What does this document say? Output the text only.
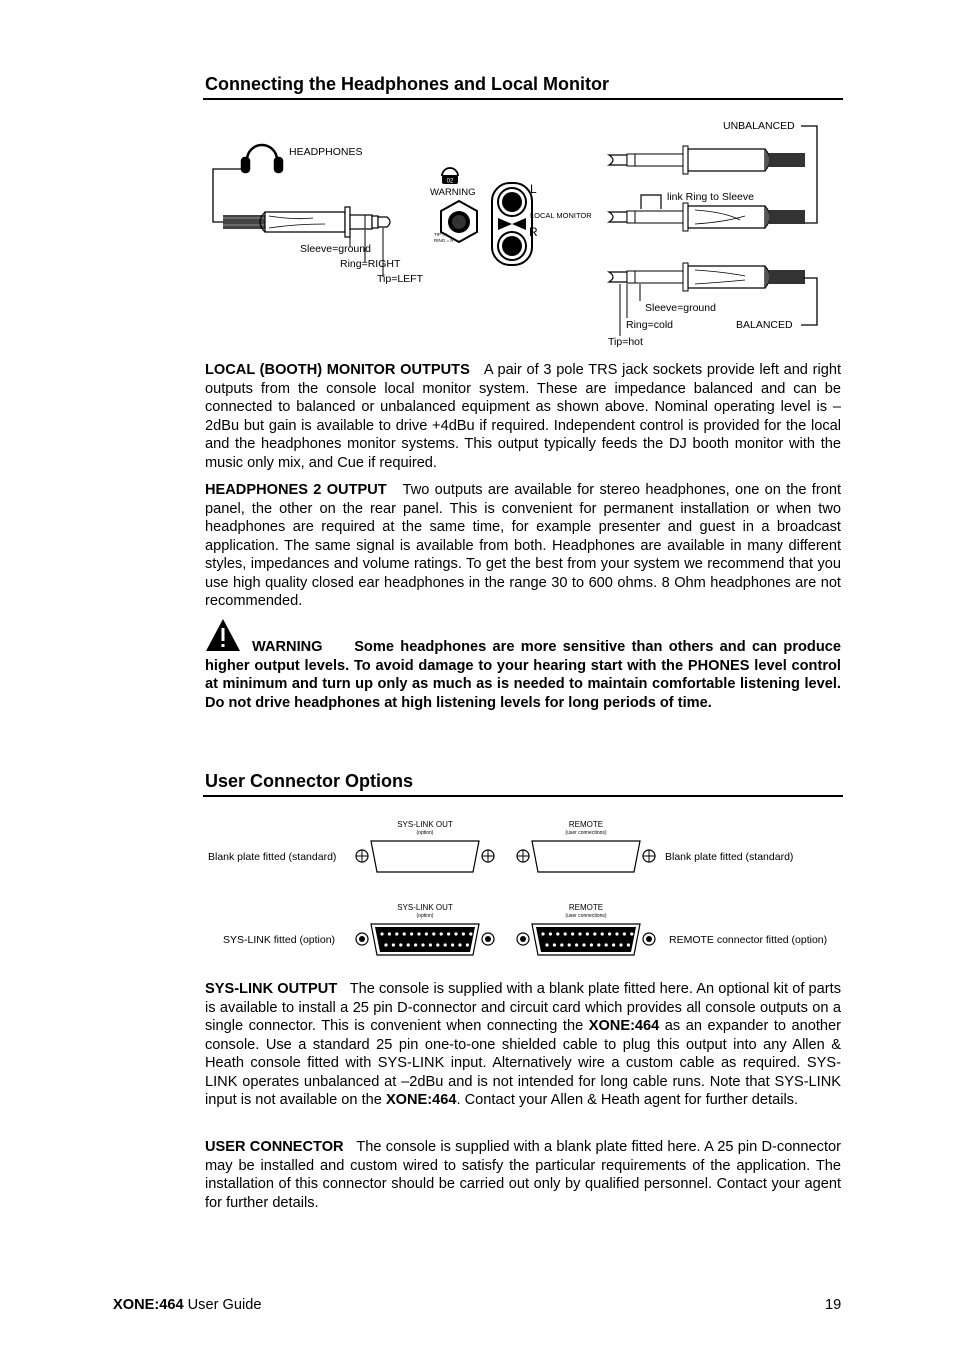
Connecting the Headphones and Local Monitor
HEADPHONES
Sleeve=ground
Ring=RIGHT
Tip=LEFT
02
WARNING
TIP = L
RING = R
L
R
LOCAL MONITOR
UNBALANCED
link Ring to Sleeve
Sleeve=ground
Ring=cold
Tip=hot
BALANCED
LOCAL (BOOTH) MONITOR OUTPUTS A pair of 3 pole TRS jack sockets provide left and right outputs from the console local monitor system. These are impedance balanced and can be connected to balanced or unbalanced equipment as shown above. Nominal operating level is –2dBu but gain is available to drive +4dBu if required. Independent control is provided for the local and the headphones monitor systems. This output typically feeds the DJ booth monitor with the music only mix, and Cue if required.
HEADPHONES 2 OUTPUT Two outputs are available for stereo headphones, one on the front panel, the other on the rear panel. This is convenient for permanent installation or when two headphones are required at the same time, for example presenter and guest in a broadcast application. The same signal is available from both. Headphones are available in many different styles, impedances and volume ratings. To get the best from your system we recommend that you use high quality closed ear headphones in the range 30 to 600 ohms. 8 Ohm headphones are not recommended.
WARNING Some headphones are more sensitive than others and can produce higher output levels. To avoid damage to your hearing start with the PHONES level control at minimum and turn up only as much as is needed to maintain comfortable listening level. Do not drive headphones at high listening levels for long periods of time.
User Connector Options
SYS-LINK OUT
(option)
REMOTE
(user connections)
Blank plate fitted (standard)	Blank plate fitted (standard)
SYS-LINK OUT
(option)
REMOTE
(user connections)
SYS-LINK fitted (option)	REMOTE connector fitted (option)
SYS-LINK OUTPUT The console is supplied with a blank plate fitted here. An optional kit of parts is available to install a 25 pin D-connector and circuit card which provides all console outputs on a single connector. This is convenient when connecting the XONE:464 as an expander to another console. Use a standard 25 pin one-to-one shielded cable to plug this output into any Allen & Heath console fitted with SYS-LINK input. Alternatively wire a custom cable as required. SYS-LINK operates unbalanced at –2dBu and is not intended for long cable runs. Note that SYS-LINK input is not available on the XONE:464. Contact your Allen & Heath agent for further details.
USER CONNECTOR The console is supplied with a blank plate fitted here. A 25 pin D-connector may be installed and custom wired to satisfy the particular requirements of the application. The installation of this connector should be carried out only by qualified personnel. Contact your agent for further details.
XONE:464 User Guide	19
